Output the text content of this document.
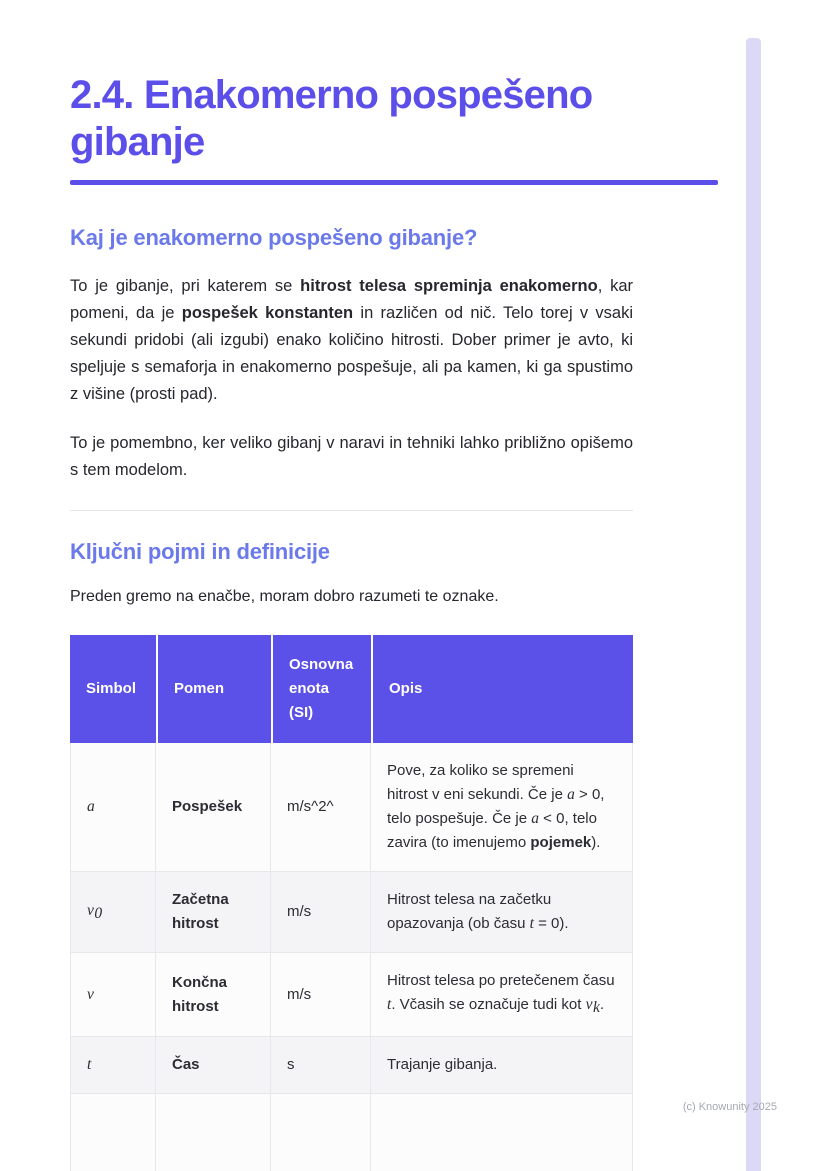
2.4. Enakomerno pospešeno gibanje
Kaj je enakomerno pospešeno gibanje?

To je gibanje, pri katerem se hitrost telesa spreminja enakomerno, kar pomeni, da je pospešek konstanten in različen od nič. Telo torej v vsaki sekundi pridobi (ali izgubi) enako količino hitrosti. Dober primer je avto, ki speljuje s semaforja in enakomerno pospešuje, ali pa kamen, ki ga spustimo z višine (prosti pad).

To je pomembno, ker veliko gibanj v naravi in tehniki lahko približno opišemo s tem modelom.

Ključni pojmi in definicije

Preden gremo na enačbe, moram dobro razumeti te oznake.

Simbol	Pomen	Osnovna enota (SI)	Opis
a	Pospešek	m/s^2^	Pove, za koliko se spremeni hitrost v eni sekundi. Če je a > 0, telo pospešuje. Če je a < 0, telo zavira (to imenujemo pojemek).
v0	Začetna hitrost	m/s	Hitrost telesa na začetku opazovanja (ob času t = 0).
v	Končna hitrost	m/s	Hitrost telesa po pretečenem času t. Včasih se označuje tudi kot vk.
t	Čas	s	Trajanje gibanja.

(c) Knowunity 2025
